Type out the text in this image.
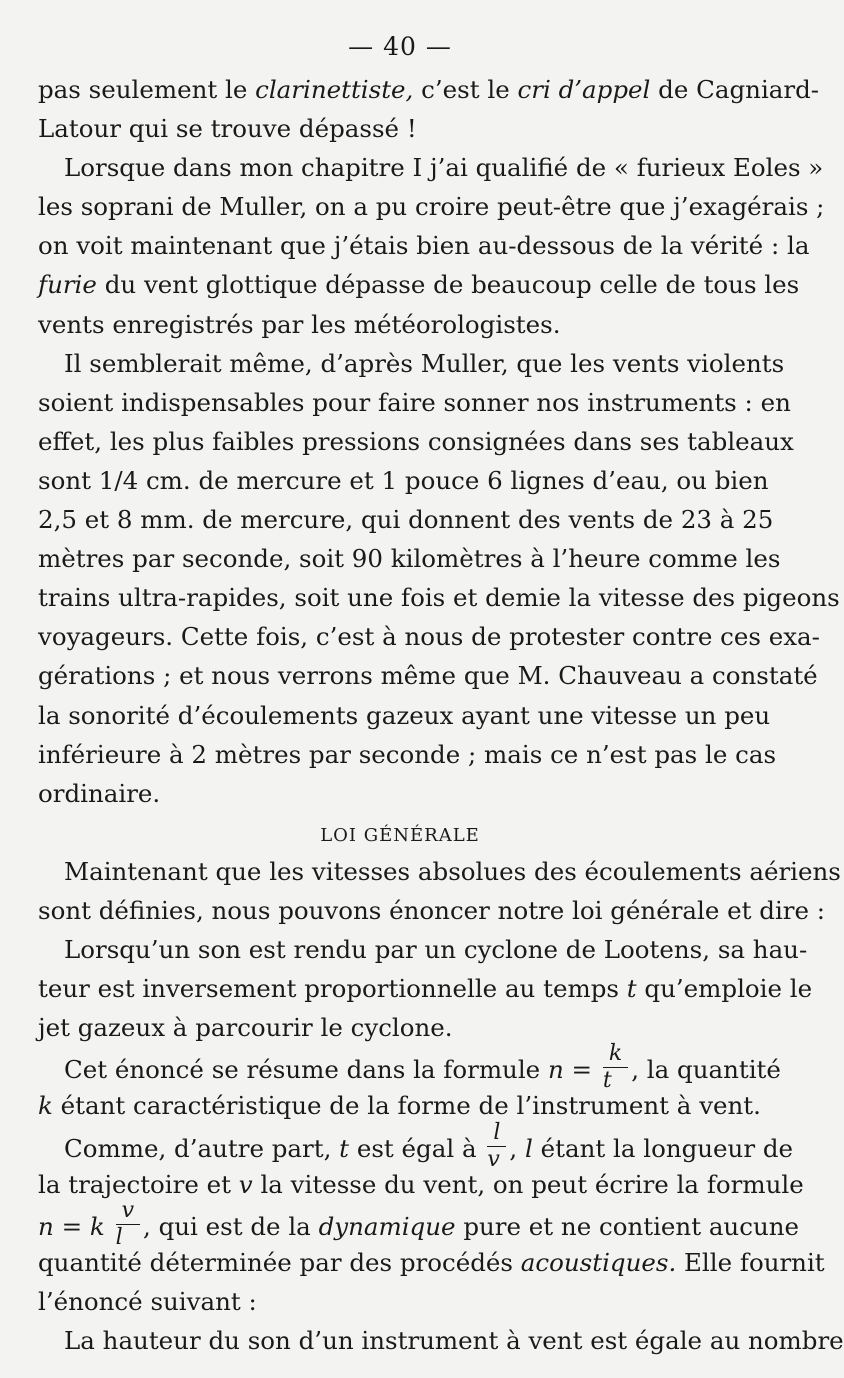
— 40 —
pas seulement le clarinettiste, c’est le cri d’appel de Cagniard-
Latour qui se trouve dépassé !
Lorsque dans mon chapitre I j’ai qualifié de « furieux Eoles »
les soprani de Muller, on a pu croire peut-être que j’exagérais ;
on voit maintenant que j’étais bien au-dessous de la vérité : la
furie du vent glottique dépasse de beaucoup celle de tous les
vents enregistrés par les météorologistes.
Il semblerait même, d’après Muller, que les vents violents
soient indispensables pour faire sonner nos instruments : en
effet, les plus faibles pressions consignées dans ses tableaux
sont 1/4 cm. de mercure et 1 pouce 6 lignes d’eau, ou bien
2,5 et 8 mm. de mercure, qui donnent des vents de 23 à 25
mètres par seconde, soit 90 kilomètres à l’heure comme les
trains ultra-rapides, soit une fois et demie la vitesse des pigeons
voyageurs. Cette fois, c’est à nous de protester contre ces exa-
gérations ; et nous verrons même que M. Chauveau a constaté
la sonorité d’écoulements gazeux ayant une vitesse un peu
inférieure à 2 mètres par seconde ; mais ce n’est pas le cas
ordinaire.
LOI GÉNÉRALE
Maintenant que les vitesses absolues des écoulements aériens
sont définies, nous pouvons énoncer notre loi générale et dire :
Lorsqu’un son est rendu par un cyclone de Lootens, sa hau-
teur est inversement proportionnelle au temps t qu’emploie le
jet gazeux à parcourir le cyclone.
Cet énoncé se résume dans la formule $n = \frac{k}{t}$ , la quantité
k étant caractéristique de la forme de l’instrument à vent.
Comme, d’autre part, t est égal à $\frac{l}{v}$ , l étant la longueur de
la trajectoire et v la vitesse du vent, on peut écrire la formule
n = k $\frac{v}{l}$ , qui est de la dynamique pure et ne contient aucune
quantité déterminée par des procédés acoustiques. Elle fournit
l’énoncé suivant :
La hauteur du son d’un instrument à vent est égale au nombre
